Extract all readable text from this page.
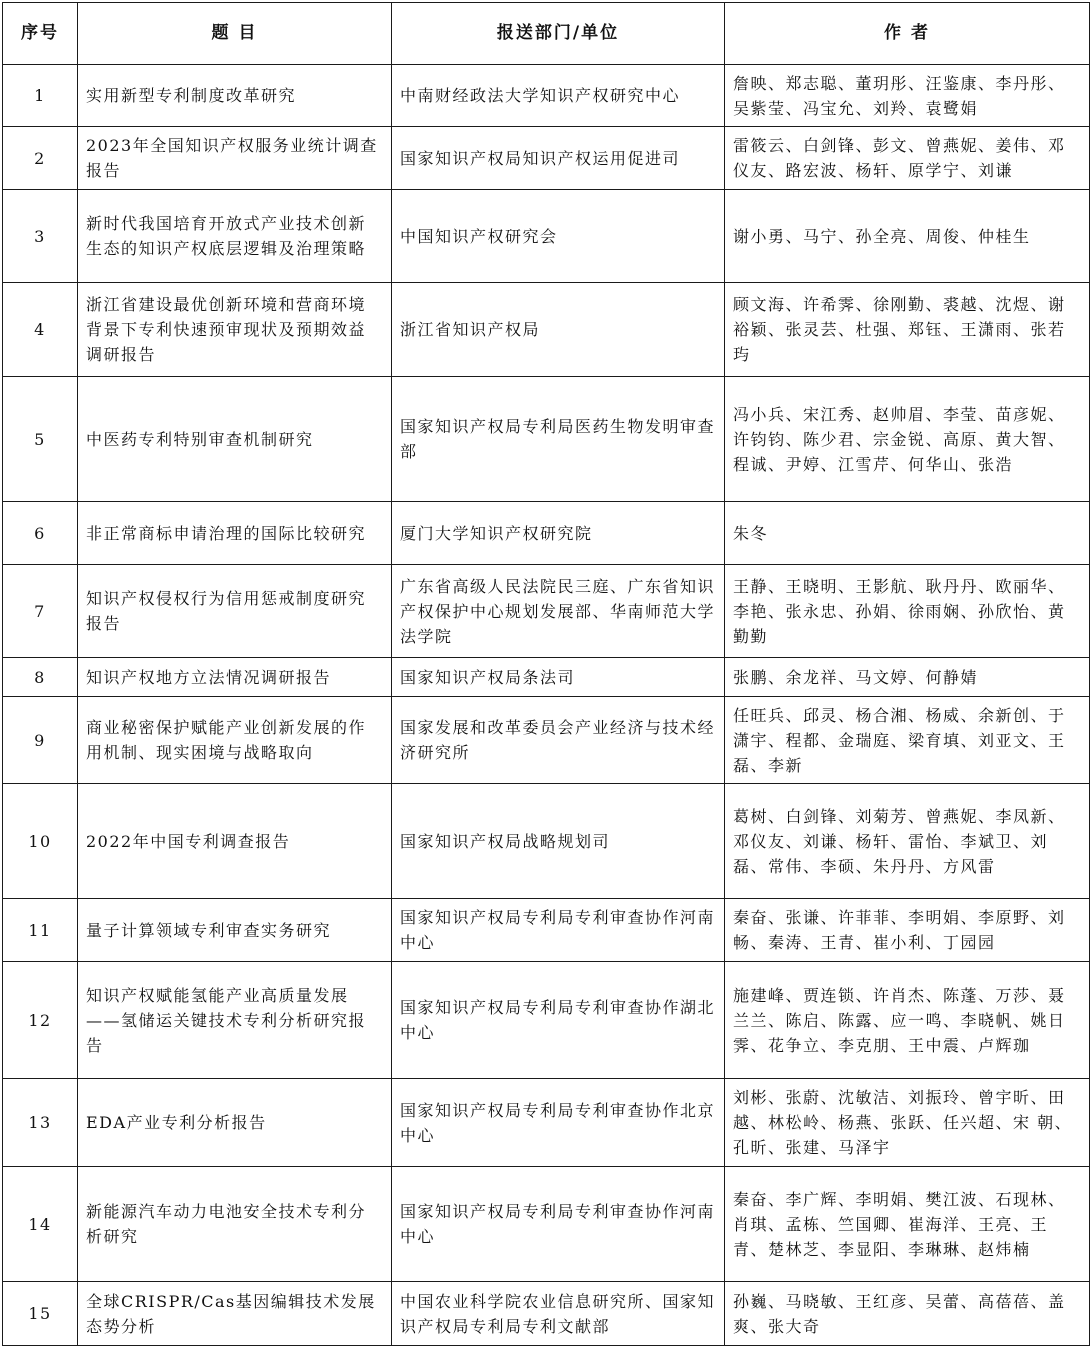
序号	题 目	报送部门/单位	作 者
1	实用新型专利制度改革研究	中南财经政法大学知识产权研究中心	詹映、郑志聪、董玥彤、汪鉴康、李丹彤、吴紫莹、冯宝允、刘羚、袁鹭娟
2	2023年全国知识产权服务业统计调查报告	国家知识产权局知识产权运用促进司	雷筱云、白剑锋、彭文、曾燕妮、姜伟、邓仪友、路宏波、杨轩、原学宁、刘谦
3	新时代我国培育开放式产业技术创新生态的知识产权底层逻辑及治理策略	中国知识产权研究会	谢小勇、马宁、孙全亮、周俊、仲桂生
4	浙江省建设最优创新环境和营商环境背景下专利快速预审现状及预期效益调研报告	浙江省知识产权局	顾文海、许希霁、徐刚勤、裘越、沈煜、谢裕颖、张灵芸、杜强、郑钰、王潇雨、张若玙
5	中医药专利特别审查机制研究	国家知识产权局专利局医药生物发明审查部	冯小兵、宋江秀、赵帅眉、李莹、苗彦妮、许钧钧、陈少君、宗金锐、高原、黄大智、程诚、尹婷、江雪芹、何华山、张浩
6	非正常商标申请治理的国际比较研究	厦门大学知识产权研究院	朱冬
7	知识产权侵权行为信用惩戒制度研究报告	广东省高级人民法院民三庭、广东省知识产权保护中心规划发展部、华南师范大学法学院	王静、王晓明、王影航、耿丹丹、欧丽华、李艳、张永忠、孙娟、徐雨娴、孙欣怡、黄勤勤
8	知识产权地方立法情况调研报告	国家知识产权局条法司	张鹏、余龙祥、马文婷、何静婧
9	商业秘密保护赋能产业创新发展的作用机制、现实困境与战略取向	国家发展和改革委员会产业经济与技术经济研究所	任旺兵、邱灵、杨合湘、杨威、余新创、于潇宇、程都、金瑞庭、梁育填、刘亚文、王磊、李新
10	2022年中国专利调查报告	国家知识产权局战略规划司	葛树、白剑锋、刘菊芳、曾燕妮、李凤新、邓仪友、刘谦、杨轩、雷怡、李斌卫、刘磊、常伟、李硕、朱丹丹、方风雷
11	量子计算领域专利审查实务研究	国家知识产权局专利局专利审查协作河南中心	秦奋、张谦、许菲菲、李明娟、李原野、刘畅、秦涛、王青、崔小利、丁园园
12	知识产权赋能氢能产业高质量发展——氢储运关键技术专利分析研究报告	国家知识产权局专利局专利审查协作湖北中心	施建峰、贾连锁、许肖杰、陈蓬、万莎、聂兰兰、陈启、陈露、应一鸣、李晓帆、姚日霁、花争立、李克朋、王中震、卢辉珈
13	EDA产业专利分析报告	国家知识产权局专利局专利审查协作北京中心	刘彬、张蔚、沈敏洁、刘振玲、曾宇昕、田 越、林松岭、杨燕、张跃、任兴超、宋 朝、孔昕、张建、马泽宇
14	新能源汽车动力电池安全技术专利分析研究	国家知识产权局专利局专利审查协作河南中心	秦奋、李广辉、李明娟、樊江波、石现林、肖琪、孟栋、竺国卿、崔海洋、王亮、王青、楚林芝、李显阳、李琳琳、赵炜楠
15	全球CRISPR/Cas基因编辑技术发展态势分析	中国农业科学院农业信息研究所、国家知识产权局专利局专利文献部	孙巍、马晓敏、王红彦、吴蕾、高蓓蓓、盖爽、张大奇
